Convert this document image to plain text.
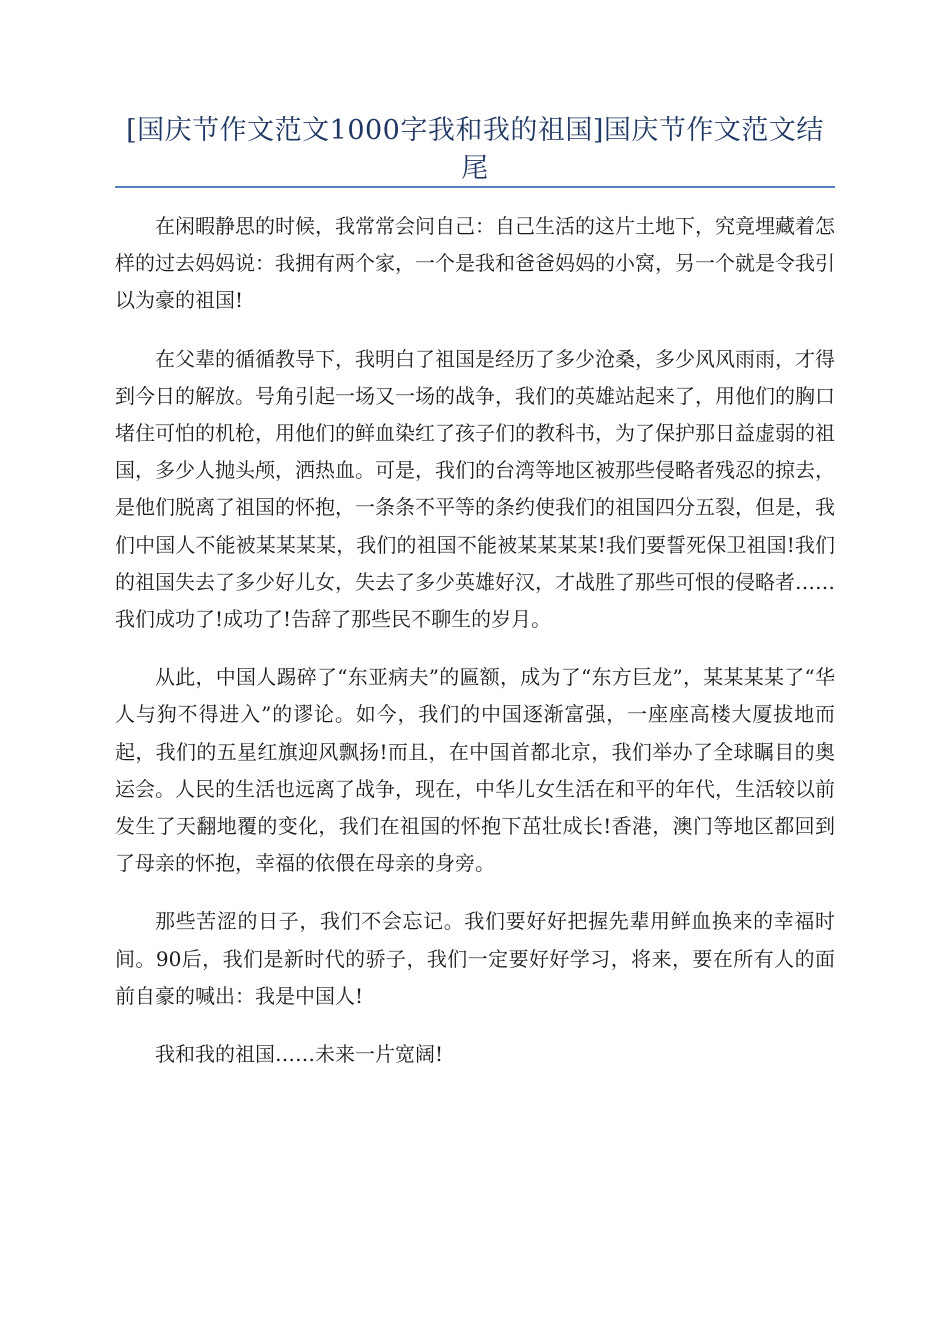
[国庆节作文范文1000字我和我的祖国]国庆节作文范文结尾

在闲暇静思的时候，我常常会问自己：自己生活的这片土地下，究竟埋藏着怎样的过去妈妈说：我拥有两个家，一个是我和爸爸妈妈的小窝，另一个就是令我引以为豪的祖国!

在父辈的循循教导下，我明白了祖国是经历了多少沧桑，多少风风雨雨，才得到今日的解放。号角引起一场又一场的战争，我们的英雄站起来了，用他们的胸口堵住可怕的机枪，用他们的鲜血染红了孩子们的教科书，为了保护那日益虚弱的祖国，多少人抛头颅，洒热血。可是，我们的台湾等地区被那些侵略者残忍的掠去，是他们脱离了祖国的怀抱，一条条不平等的条约使我们的祖国四分五裂，但是，我们中国人不能被某某某某，我们的祖国不能被某某某某!我们要誓死保卫祖国!我们的祖国失去了多少好儿女，失去了多少英雄好汉，才战胜了那些可恨的侵略者……我们成功了!成功了!告辞了那些民不聊生的岁月。

从此，中国人踢碎了“东亚病夫”的匾额，成为了“东方巨龙”，某某某某了“华人与狗不得进入”的谬论。如今，我们的中国逐渐富强，一座座高楼大厦拔地而起，我们的五星红旗迎风飘扬!而且，在中国首都北京，我们举办了全球瞩目的奥运会。人民的生活也远离了战争，现在，中华儿女生活在和平的年代，生活较以前发生了天翻地覆的变化，我们在祖国的怀抱下茁壮成长!香港，澳门等地区都回到了母亲的怀抱，幸福的依偎在母亲的身旁。

那些苦涩的日子，我们不会忘记。我们要好好把握先辈用鲜血换来的幸福时间。90后，我们是新时代的骄子，我们一定要好好学习，将来，要在所有人的面前自豪的喊出：我是中国人!

我和我的祖国……未来一片宽阔!
